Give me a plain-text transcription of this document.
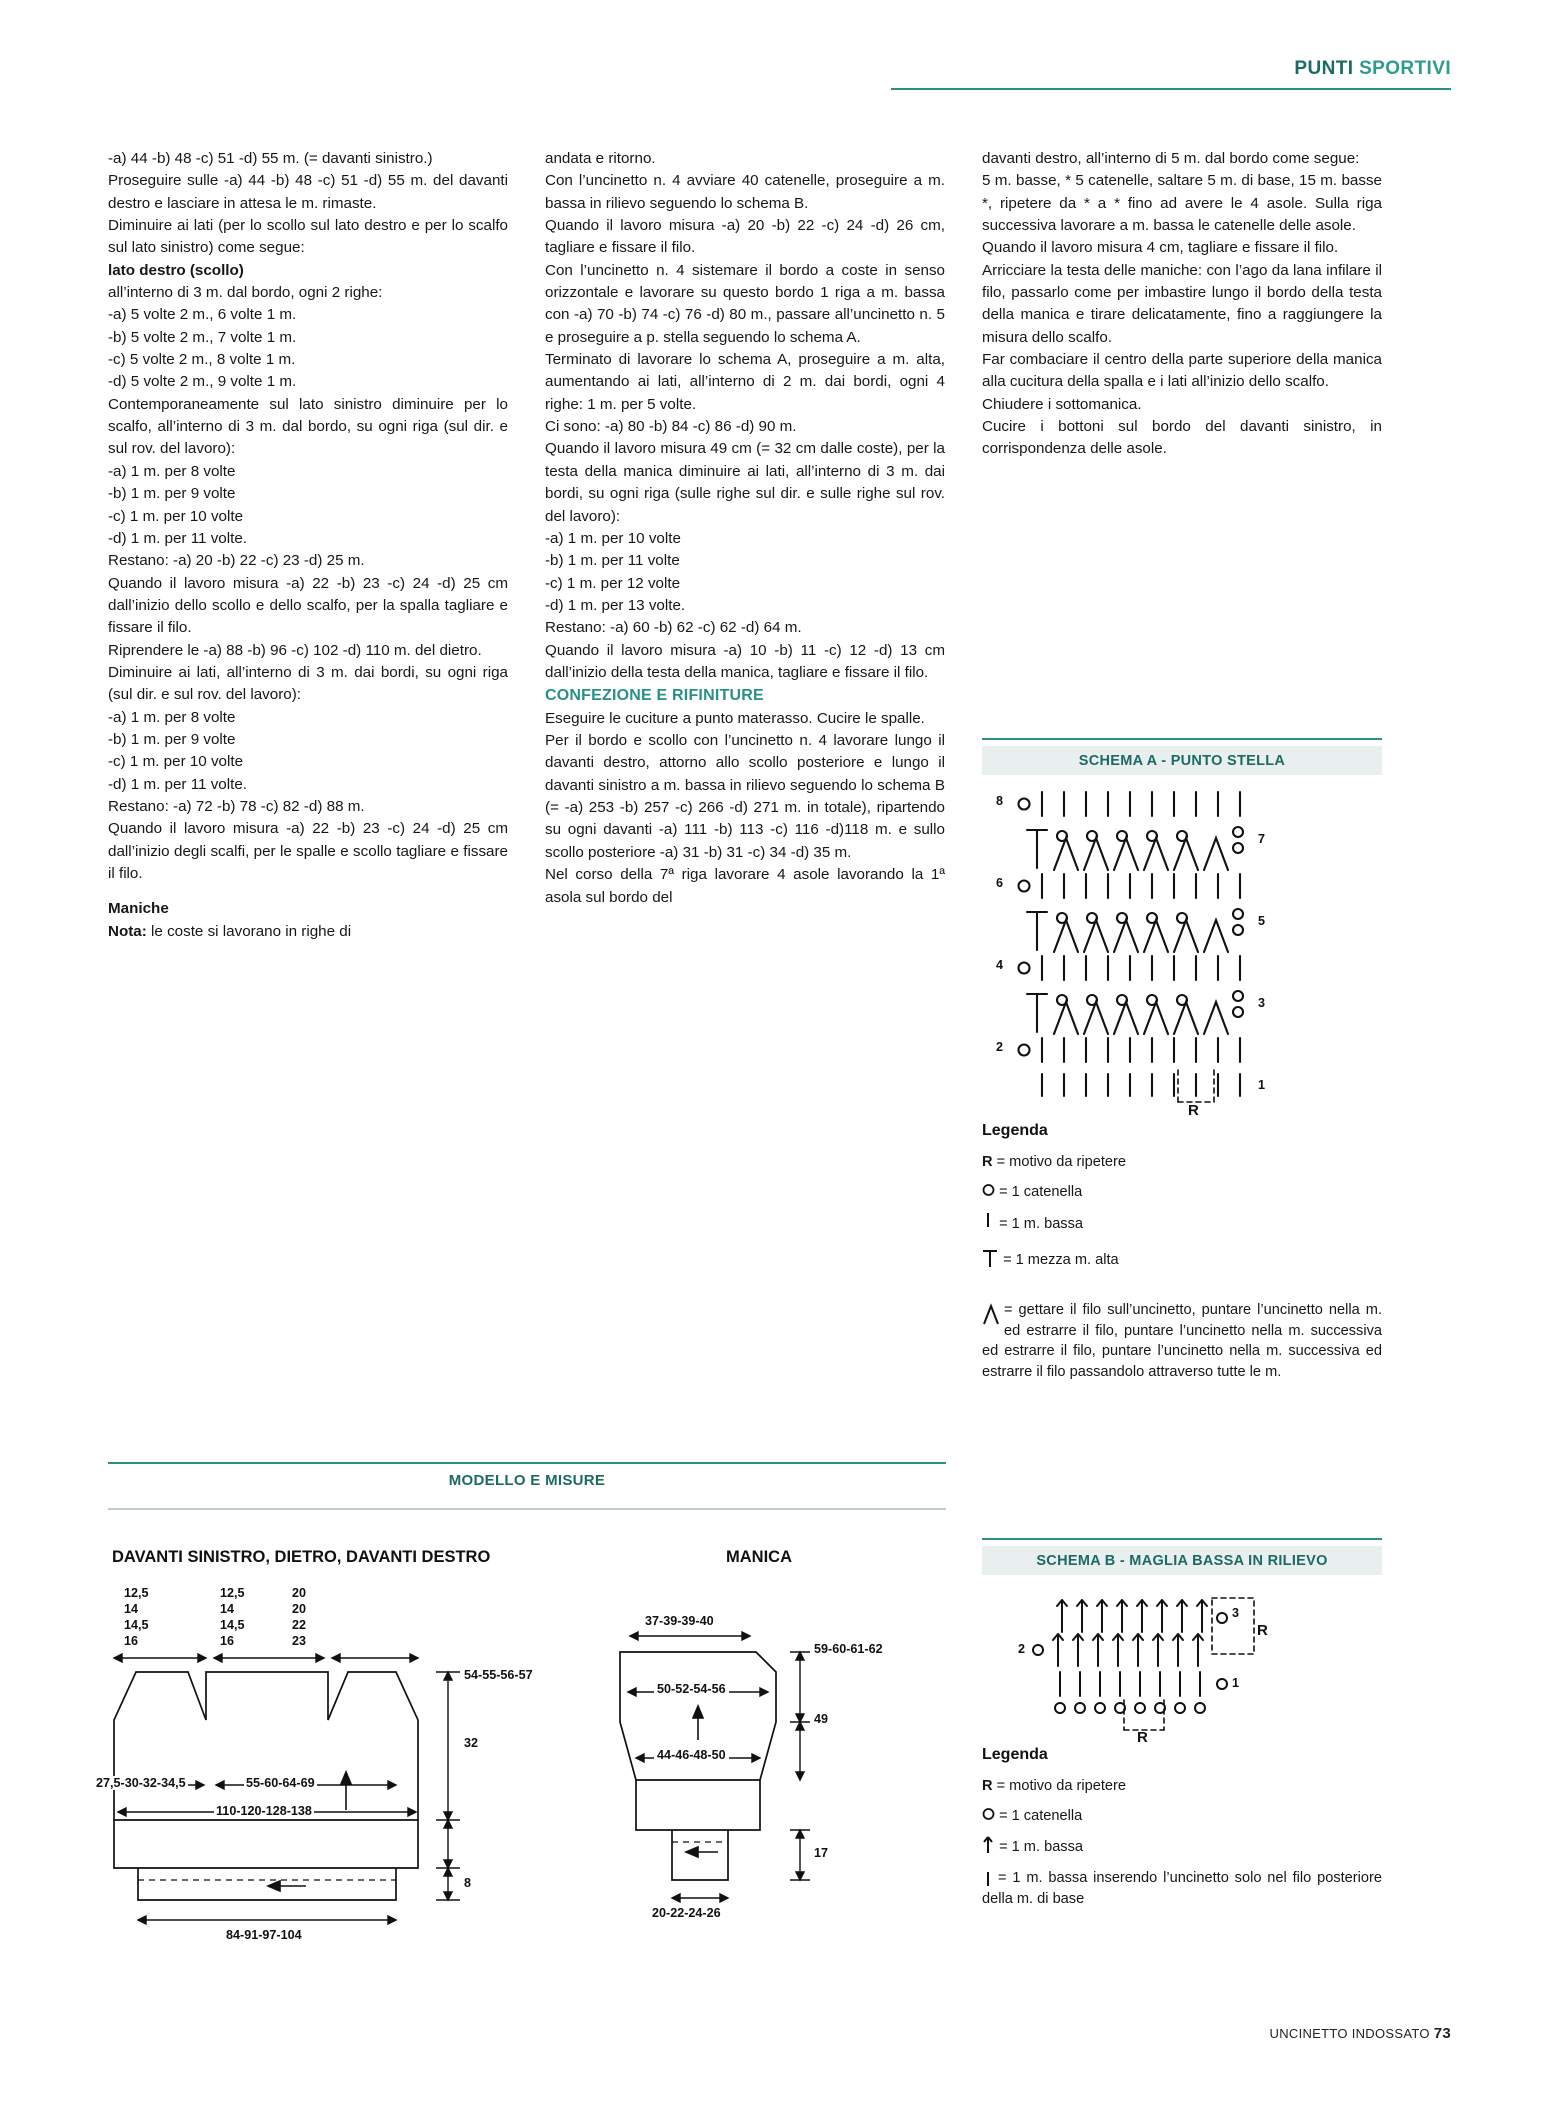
PUNTI SPORTIVI

-a) 44 -b) 48 -c) 51 -d) 55 m. (= davanti sinistro.)

Proseguire sulle -a) 44 -b) 48 -c) 51 -d) 55 m. del davanti destro e lasciare in attesa le m. rimaste.

Diminuire ai lati (per lo scollo sul lato destro e per lo scalfo sul lato sinistro) come segue:

lato destro (scollo)

all’interno di 3 m. dal bordo, ogni 2 righe:

-a) 5 volte 2 m., 6 volte 1 m.

-b) 5 volte 2 m., 7 volte 1 m.

-c) 5 volte 2 m., 8 volte 1 m.

-d) 5 volte 2 m., 9 volte 1 m.

Contemporaneamente sul lato sinistro diminuire per lo scalfo, all’interno di 3 m. dal bordo, su ogni riga (sul dir. e sul rov. del lavoro):

-a) 1 m. per 8 volte

-b) 1 m. per 9 volte

-c) 1 m. per 10 volte

-d) 1 m. per 11 volte.

Restano: -a) 20 -b) 22 -c) 23 -d) 25 m.

Quando il lavoro misura -a) 22 -b) 23 -c) 24 -d) 25 cm dall’inizio dello scollo e dello scalfo, per la spalla tagliare e fissare il filo.

Riprendere le -a) 88 -b) 96 -c) 102 -d) 110 m. del dietro.

Diminuire ai lati, all’interno di 3 m. dai bordi, su ogni riga (sul dir. e sul rov. del lavoro):

-a) 1 m. per 8 volte

-b) 1 m. per 9 volte

-c) 1 m. per 10 volte

-d) 1 m. per 11 volte.

Restano: -a) 72 -b) 78 -c) 82 -d) 88 m.

Quando il lavoro misura -a) 22 -b) 23 -c) 24 -d) 25 cm dall’inizio degli scalfi, per le spalle e scollo tagliare e fissare il filo.

Maniche

Nota: le coste si lavorano in righe di

andata e ritorno.

Con l’uncinetto n. 4 avviare 40 catenelle, proseguire a m. bassa in rilievo seguendo lo schema B.

Quando il lavoro misura -a) 20 -b) 22 -c) 24 -d) 26 cm, tagliare e fissare il filo.

Con l’uncinetto n. 4 sistemare il bordo a coste in senso orizzontale e lavorare su questo bordo 1 riga a m. bassa con -a) 70 -b) 74 -c) 76 -d) 80 m., passare all’uncinetto n. 5 e proseguire a p. stella seguendo lo schema A.

Terminato di lavorare lo schema A, proseguire a m. alta, aumentando ai lati, all’interno di 2 m. dai bordi, ogni 4 righe: 1 m. per 5 volte.

Ci sono: -a) 80 -b) 84 -c) 86 -d) 90 m.

Quando il lavoro misura 49 cm (= 32 cm dalle coste), per la testa della manica diminuire ai lati, all’interno di 3 m. dai bordi, su ogni riga (sulle righe sul dir. e sulle righe sul rov. del lavoro):

-a) 1 m. per 10 volte

-b) 1 m. per 11 volte

-c) 1 m. per 12 volte

-d) 1 m. per 13 volte.

Restano: -a) 60 -b) 62 -c) 62 -d) 64 m.

Quando il lavoro misura -a) 10 -b) 11 -c) 12 -d) 13 cm dall’inizio della testa della manica, tagliare e fissare il filo.

CONFEZIONE E RIFINITURE

Eseguire le cuciture a punto materasso. Cucire le spalle.

Per il bordo e scollo con l’uncinetto n. 4 lavorare lungo il davanti destro, attorno allo scollo posteriore e lungo il davanti sinistro a m. bassa in rilievo seguendo lo schema B (= -a) 253 -b) 257 -c) 266 -d) 271 m. in totale), ripartendo su ogni davanti -a) 111 -b) 113 -c) 116 -d)118 m. e sullo scollo posteriore -a) 31 -b) 31 -c) 34 -d) 35 m.

Nel corso della 7ª riga lavorare 4 asole lavorando la 1ª asola sul bordo del

davanti destro, all’interno di 5 m. dal bordo come segue:

5 m. basse, * 5 catenelle, saltare 5 m. di base, 15 m. basse *, ripetere da * a * fino ad avere le 4 asole. Sulla riga successiva lavorare a m. bassa le catenelle delle asole.

Quando il lavoro misura 4 cm, tagliare e fissare il filo.

Arricciare la testa delle maniche: con l’ago da lana infilare il filo, passarlo come per imbastire lungo il bordo della testa della manica e tirare delicatamente, fino a raggiungere la misura dello scalfo.

Far combaciare il centro della parte superiore della manica alla cucitura della spalla e i lati all’inizio dello scalfo.

Chiudere i sottomanica.

Cucire i bottoni sul bordo del davanti sinistro, in corrispondenza delle asole.

SCHEMA A - PUNTO STELLA
8
6
4
2
7
5
3
1
R
Legenda
R = motivo da ripetere
= 1 catenella
= 1 m. bassa
= 1 mezza m. alta
= gettare il filo sull’uncinetto, puntare l’uncinetto nella m. ed estrarre il filo, puntare l’uncinetto nella m. successiva ed estrarre il filo, puntare l’uncinetto nella m. successiva ed estrarre il filo passandolo attraverso tutte le m.
SCHEMA B - MAGLIA BASSA IN RILIEVO
2
3
1
R
R
Legenda
R = motivo da ripetere
= 1 catenella
= 1 m. bassa
= 1 m. bassa inserendo l’uncinetto solo nel filo posteriore della m. di base
MODELLO E MISURE
DAVANTI SINISTRO, DIETRO, DAVANTI DESTRO	MANICA
12,5
14
14,5
16
12,5
14
14,5
16
20
20
22
23
54-55-56-57
32
8
27,5-30-32-34,5	55-60-64-69
110-120-128-138
84-91-97-104
37-39-39-40
59-60-61-62
49
17
50-52-54-56
44-46-48-50
20-22-24-26
UNCINETTO INDOSSATO 73
